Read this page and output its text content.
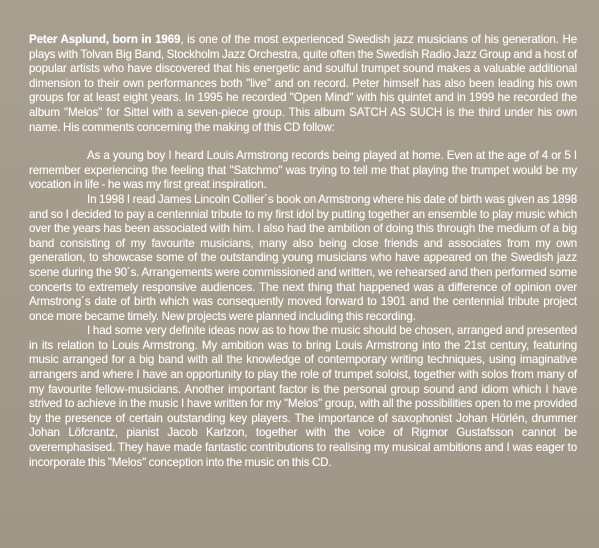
Peter Asplund, born in 1969, is one of the most experienced Swedish jazz musicians of his generation. He plays with Tolvan Big Band, Stockholm Jazz Orchestra, quite often the Swedish Radio Jazz Group and a host of popular artists who have discovered that his energetic and soulful trumpet sound makes a valuable additional dimension to their own performances both "live" and on record. Peter himself has also been leading his own groups for at least eight years. In 1995 he recorded "Open Mind" with his quintet and in 1999 he recorded the album "Melos" for Sittel with a seven-piece group. This album SATCH AS SUCH is the third under his own name. His comments concerning the making of this CD follow:

As a young boy I heard Louis Armstrong records being played at home. Even at the age of 4 or 5 I remember experiencing the feeling that "Satchmo" was trying to tell me that playing the trumpet would be my vocation in life - he was my first great inspiration.

In 1998 I read James Lincoln Collier´s book on Armstrong where his date of birth was given as 1898 and so I decided to pay a centennial tribute to my first idol by putting together an ensemble to play music which over the years has been associated with him. I also had the ambition of doing this through the medium of a big band consisting of my favourite musicians, many also being close friends and associates from my own generation, to showcase some of the outstanding young musicians who have appeared on the Swedish jazz scene during the 90´s. Arrangements were commissioned and written, we rehearsed and then performed some concerts to extremely responsive audiences. The next thing that happened was a difference of opinion over Armstrong´s date of birth which was consequently moved forward to 1901 and the centennial tribute project once more became timely. New projects were planned including this recording.

I had some very definite ideas now as to how the music should be chosen, arranged and presented in its relation to Louis Armstrong. My ambition was to bring Louis Armstrong into the 21st century, featuring music arranged for a big band with all the knowledge of contemporary writing techniques, using imaginative arrangers and where I have an opportunity to play the role of trumpet soloist, together with solos from many of my favourite fellow-musicians. Another important factor is the personal group sound and idiom which I have strived to achieve in the music I have written for my "Melos" group, with all the possibilities open to me provided by the presence of certain outstanding key players. The importance of saxophonist Johan Hörlén, drummer Johan Löfcrantz, pianist Jacob Karlzon, together with the voice of Rigmor Gustafsson cannot be overemphasised. They have made fantastic contributions to realising my musical ambitions and I was eager to incorporate this "Melos" conception into the music on this CD.
